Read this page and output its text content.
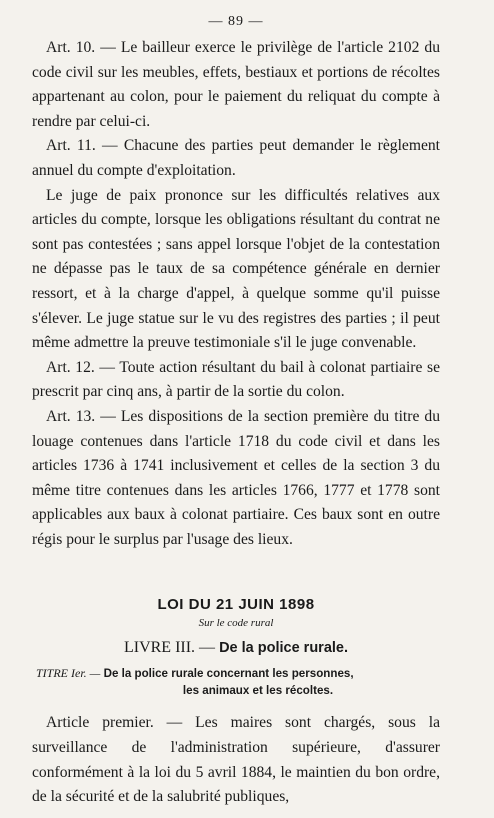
— 89 —

Art. 10. — Le bailleur exerce le privilège de l'article 2102 du code civil sur les meubles, effets, bestiaux et portions de récoltes appartenant au colon, pour le paiement du reliquat du compte à rendre par celui-ci.

Art. 11. — Chacune des parties peut demander le règlement annuel du compte d'exploitation.

Le juge de paix prononce sur les difficultés relatives aux articles du compte, lorsque les obligations résultant du contrat ne sont pas contestées ; sans appel lorsque l'objet de la contestation ne dépasse pas le taux de sa compétence générale en dernier ressort, et à la charge d'appel, à quelque somme qu'il puisse s'élever. Le juge statue sur le vu des registres des parties ; il peut même admettre la preuve testimoniale s'il le juge convenable.

Art. 12. — Toute action résultant du bail à colonat partiaire se prescrit par cinq ans, à partir de la sortie du colon.

Art. 13. — Les dispositions de la section première du titre du louage contenues dans l'article 1718 du code civil et dans les articles 1736 à 1741 inclusivement et celles de la section 3 du même titre contenues dans les articles 1766, 1777 et 1778 sont applicables aux baux à colonat partiaire. Ces baux sont en outre régis pour le surplus par l'usage des lieux.

LOI DU 21 JUIN 1898
Sur le code rural
LIVRE III. — De la police rurale.
TITRE Ier. — De la police rurale concernant les personnes,
les animaux et les récoltes.

Article premier. — Les maires sont chargés, sous la surveillance de l'administration supérieure, d'assurer conformément à la loi du 5 avril 1884, le maintien du bon ordre, de la sécurité et de la salubrité publiques,
